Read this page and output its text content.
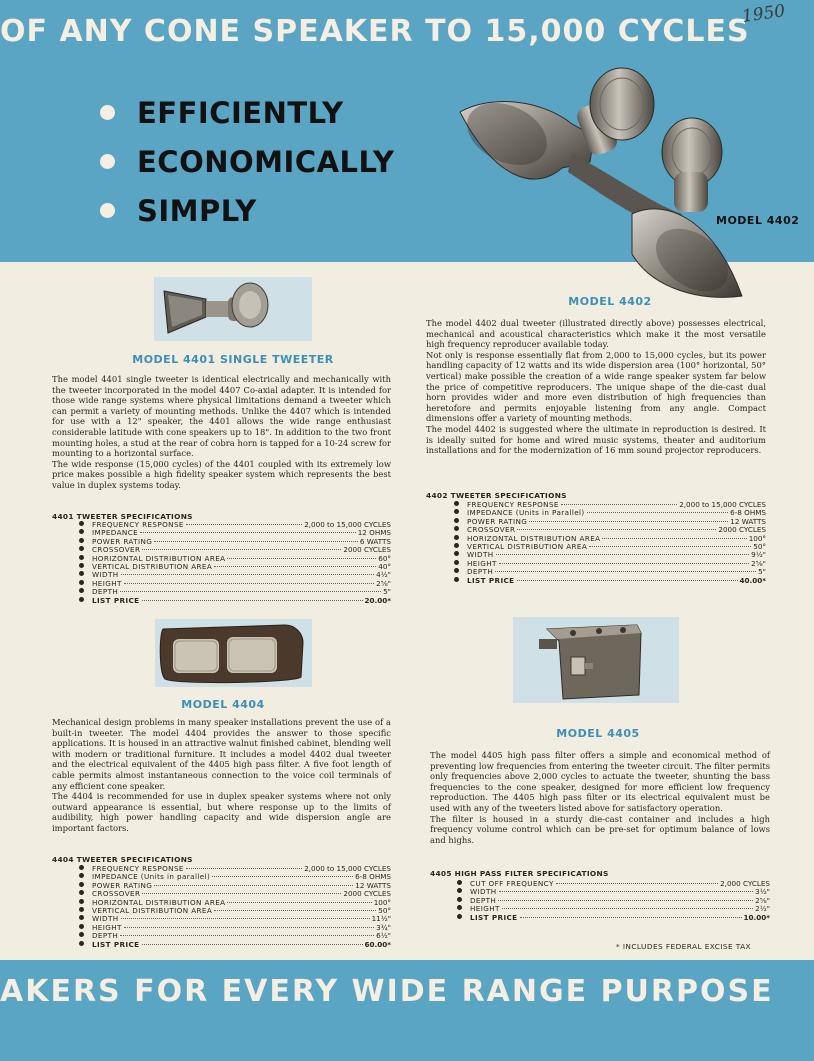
OF ANY CONE SPEAKER TO 15,000 CYCLES
1950
EFFICIENTLY
ECONOMICALLY
SIMPLY	MODEL 4402
MODEL 4401 SINGLE TWEETER

The model 4401 single tweeter is identical electrically and mechanically with the tweeter incorporated in the model 4407 Co-axial adapter. It is intended for those wide range systems where physical limitations demand a tweeter which can permit a variety of mounting methods. Unlike the 4407 which is intended for use with a 12" speaker, the 4401 allows the wide range enthusiast considerable latitude with cone speakers up to 18". In addition to the two front mounting holes, a stud at the rear of cobra horn is tapped for a 10-24 screw for mounting to a horizontal surface.

The wide response (15,000 cycles) of the 4401 coupled with its extremely low price makes possible a high fidelity speaker system which represents the best value in duplex systems today.

4401 TWEETER SPECIFICATIONS
FREQUENCY RESPONSE	2,000 to 15,000 CYCLES
IMPEDANCE	12 OHMS
POWER RATING	6 WATTS
CROSSOVER	2000 CYCLES
HORIZONTAL DISTRIBUTION AREA	60°
VERTICAL DISTRIBUTION AREA	40°
WIDTH	4½"
HEIGHT	2⅝"
DEPTH	5"
LIST PRICE	20.00*
MODEL 4402

The model 4402 dual tweeter (illustrated directly above) possesses electrical, mechanical and acoustical characteristics which make it the most versatile high frequency reproducer available today.

Not only is response essentially flat from 2,000 to 15,000 cycles, but its power handling capacity of 12 watts and its wide dispersion area (100° horizontal, 50° vertical) make possible the creation of a wide range speaker system far below the price of competitive reproducers. The unique shape of the die-cast dual horn provides wider and more even distribution of high frequencies than heretofore and permits enjoyable listening from any angle. Compact dimensions offer a variety of mounting methods.

The model 4402 is suggested where the ultimate in reproduction is desired. It is ideally suited for home and wired music systems, theater and auditorium installations and for the modernization of 16 mm sound projector reproducers.

4402 TWEETER SPECIFICATIONS
FREQUENCY RESPONSE	2,000 to 15,000 CYCLES
IMPEDANCE (Units in Parallel)	6-8 OHMS
POWER RATING	12 WATTS
CROSSOVER	2000 CYCLES
HORIZONTAL DISTRIBUTION AREA	100°
VERTICAL DISTRIBUTION AREA	50°
WIDTH	9½"
HEIGHT	2⅝"
DEPTH	5"
LIST PRICE	40.00*
MODEL 4404

Mechanical design problems in many speaker installations prevent the use of a built-in tweeter. The model 4404 provides the answer to those specific applications. It is housed in an attractive walnut finished cabinet, blending well with modern or traditional furniture. It includes a model 4402 dual tweeter and the electrical equivalent of the 4405 high pass filter. A five foot length of cable permits almost instantaneous connection to the voice coil terminals of any efficient cone speaker.

The 4404 is recommended for use in duplex speaker systems where not only outward appearance is essential, but where response up to the limits of audibility, high power handling capacity and wide dispersion angle are important factors.

4404 TWEETER SPECIFICATIONS
FREQUENCY RESPONSE	2,000 to 15,000 CYCLES
IMPEDANCE (Units in parallel)	6-8 OHMS
POWER RATING	12 WATTS
CROSSOVER	2000 CYCLES
HORIZONTAL DISTRIBUTION AREA	100°
VERTICAL DISTRIBUTION AREA	50°
WIDTH	11½"
HEIGHT	3¾"
DEPTH	6½"
LIST PRICE	60.00*
MODEL 4405

The model 4405 high pass filter offers a simple and economical method of preventing low frequencies from entering the tweeter circuit. The filter permits only frequencies above 2,000 cycles to actuate the tweeter, shunting the bass frequencies to the cone speaker, designed for more efficient low frequency reproduction. The 4405 high pass filter or its electrical equivalent must be used with any of the tweeters listed above for satisfactory operation.

The filter is housed in a sturdy die-cast container and includes a high frequency volume control which can be pre-set for optimum balance of lows and highs.

4405 HIGH PASS FILTER SPECIFICATIONS
CUT OFF FREQUENCY	2,000 CYCLES
WIDTH	3½"
DEPTH	2⅝"
HEIGHT	2½"
LIST PRICE	10.00*
* INCLUDES FEDERAL EXCISE TAX
AKERS FOR EVERY WIDE RANGE PURPOSE
